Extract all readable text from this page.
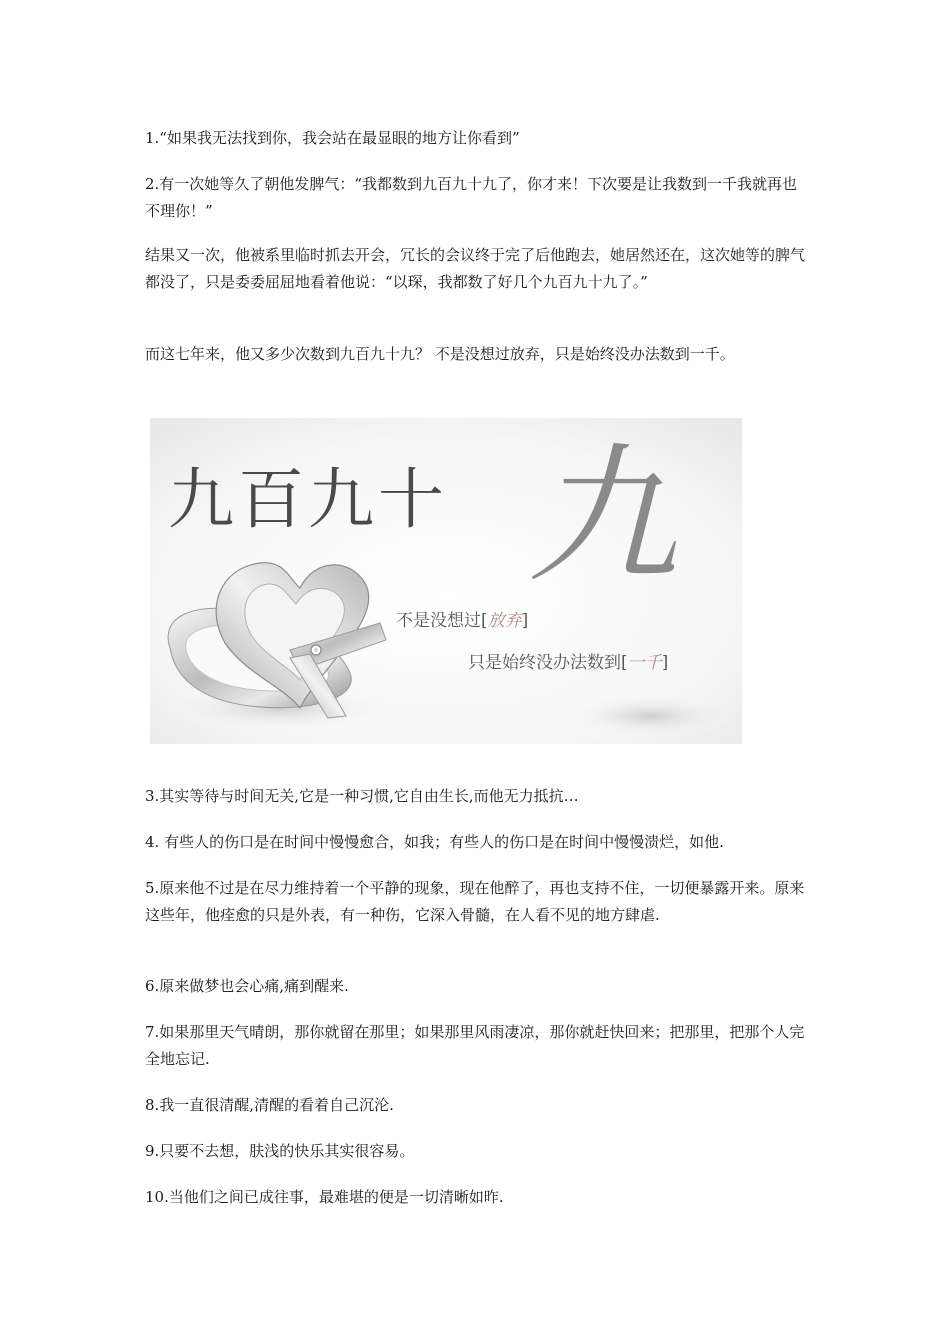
1.“如果我无法找到你，我会站在最显眼的地方让你看到”

2.有一次她等久了朝他发脾气：“我都数到九百九十九了，你才来！下次要是让我数到一千我就再也不理你！”

结果又一次，他被系里临时抓去开会，冗长的会议终于完了后他跑去，她居然还在，这次她等的脾气都没了，只是委委屈屈地看着他说：“以琛，我都数了好几个九百九十九了。”

而这七年来，他又多少次数到九百九十九？ 不是没想过放弃，只是始终没办法数到一千。

九百九十 九
不是没想过[放弃]
只是始终没办法数到[一千]

3.其实等待与时间无关,它是一种习惯,它自由生长,而他无力抵抗…

4. 有些人的伤口是在时间中慢慢愈合，如我；有些人的伤口是在时间中慢慢溃烂，如他.

5.原来他不过是在尽力维持着一个平静的现象，现在他醉了，再也支持不住，一切便暴露开来。原来这些年，他痊愈的只是外表，有一种伤，它深入骨髓，在人看不见的地方肆虐.

6.原来做梦也会心痛,痛到醒来.

7.如果那里天气晴朗，那你就留在那里；如果那里风雨凄凉，那你就赶快回来；把那里，把那个人完全地忘记.

8.我一直很清醒,清醒的看着自己沉沦.

9.只要不去想，肤浅的快乐其实很容易。

10.当他们之间已成往事，最难堪的便是一切清晰如昨.
